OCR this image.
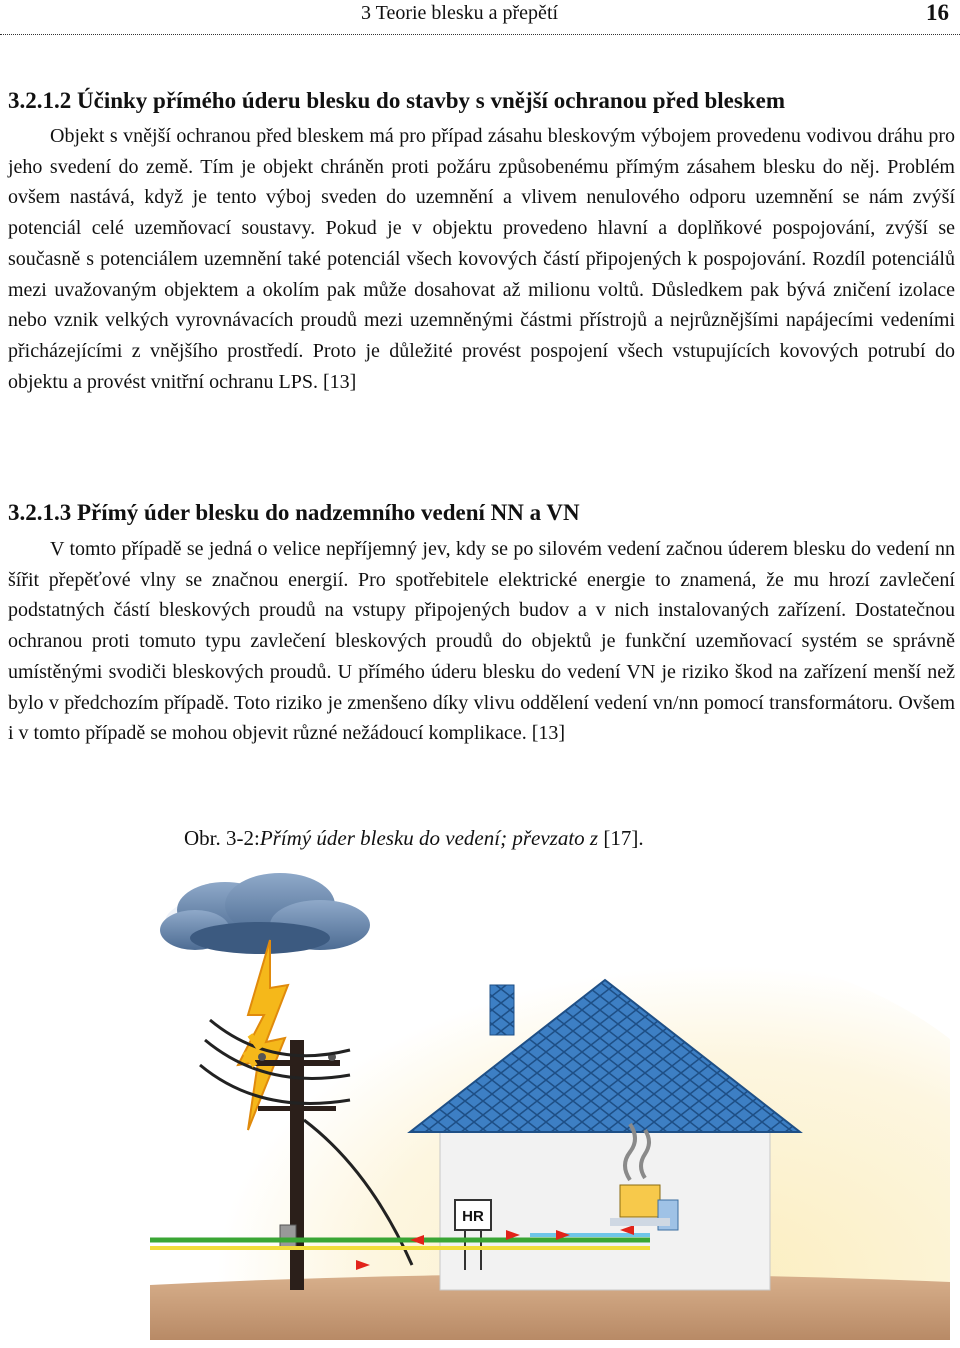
3 Teorie blesku a přepětí	16
3.2.1.2 Účinky přímého úderu blesku do stavby s vnější ochranou před bleskem

Objekt s vnější ochranou před bleskem má pro případ zásahu bleskovým výbojem provedenu vodivou dráhu pro jeho svedení do země. Tím je objekt chráněn proti požáru způsobenému přímým zásahem blesku do něj. Problém ovšem nastává, když je tento výboj sveden do uzemnění a vlivem nenulového odporu uzemnění se nám zvýší potenciál celé uzemňovací soustavy. Pokud je v objektu provedeno hlavní a doplňkové pospojování, zvýší se současně s potenciálem uzemnění také potenciál všech kovových částí připojených k pospojování. Rozdíl potenciálů mezi uvažovaným objektem a okolím pak může dosahovat až milionu voltů. Důsledkem pak bývá zničení izolace nebo vznik velkých vyrovnávacích proudů mezi uzemněnými částmi přístrojů a nejrůznějšími napájecími vedeními přicházejícími z vnějšího prostředí. Proto je důležité provést pospojení všech vstupujících kovových potrubí do objektu a provést vnitřní ochranu LPS. [13]

3.2.1.3 Přímý úder blesku do nadzemního vedení NN a VN

V tomto případě se jedná o velice nepříjemný jev, kdy se po silovém vedení začnou úderem blesku do vedení nn šířit přepěťové vlny se značnou energií. Pro spotřebitele elektrické energie to znamená, že mu hrozí zavlečení podstatných částí bleskových proudů na vstupy připojených budov a v nich instalovaných zařízení. Dostatečnou ochranou proti tomuto typu zavlečení bleskových proudů do objektů je funkční uzemňovací systém se správně umístěnými svodiči bleskových proudů. U přímého úderu blesku do vedení VN je riziko škod na zařízení menší než bylo v předchozím případě. Toto riziko je zmenšeno díky vlivu oddělení vedení vn/nn pomocí transformátoru. Ovšem i v tomto případě se mohou objevit různé nežádoucí komplikace. [13]

Obr. 3-2:Přímý úder blesku do vedení; převzato z [17].
HR
